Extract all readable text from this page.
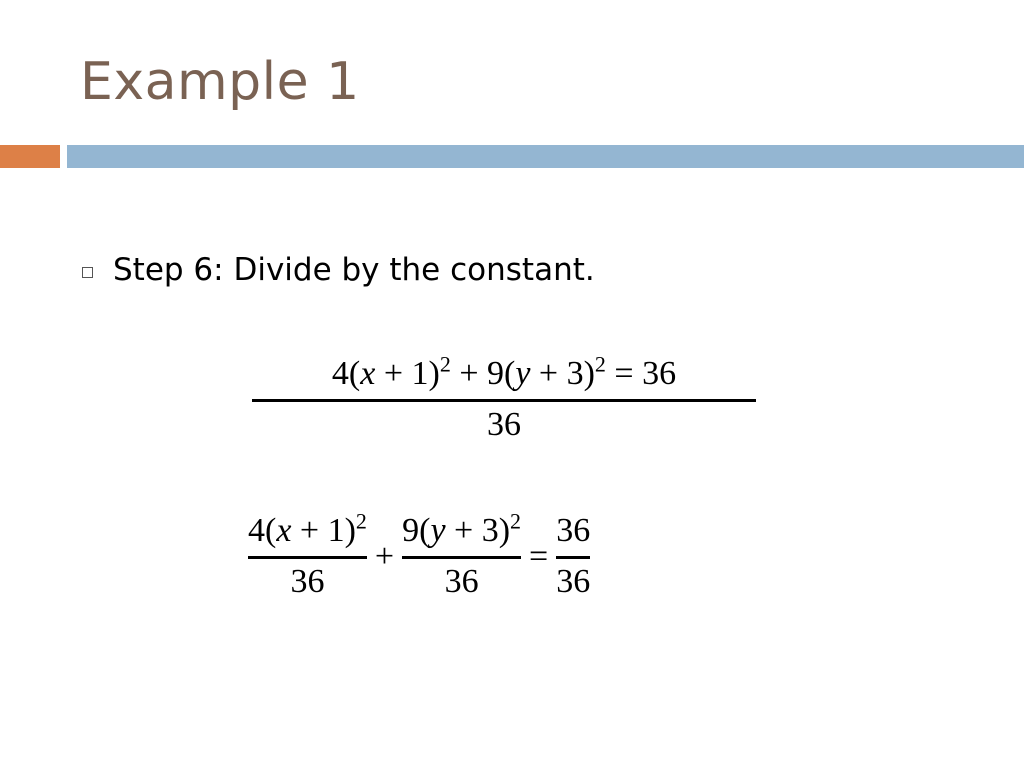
Example 1
Step 6: Divide by the constant.
$4(x + 1)^2 + 9(y + 3)^2 = 36$
36
$\frac{4(x + 1)^2}{36} + \frac{9(y + 3)^2}{36} = \frac{36}{36}$
